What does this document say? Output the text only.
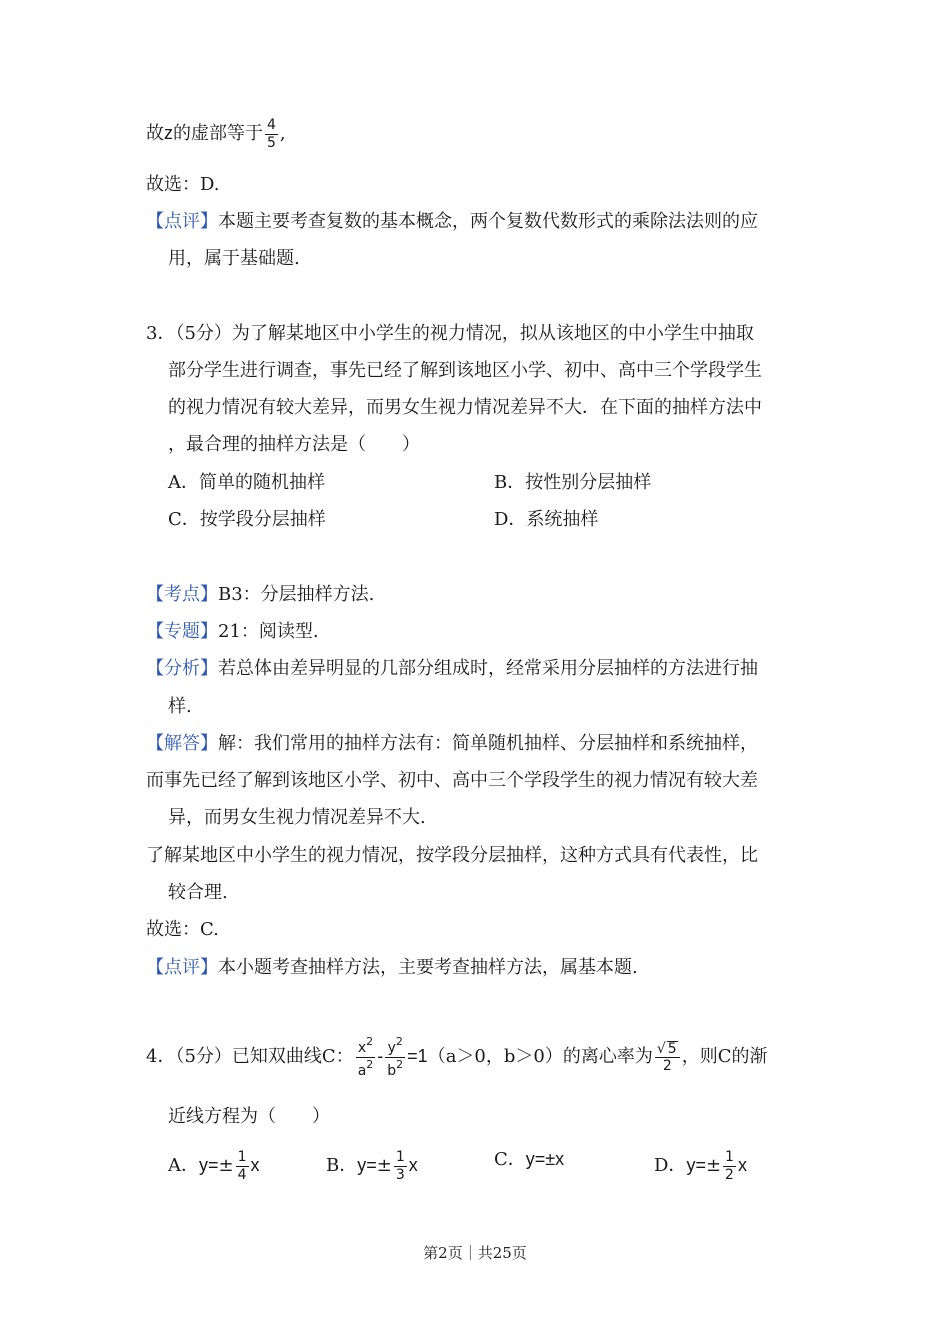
故z的虚部等于 $\frac{4}{5}$ ,
故选：D.
【点评】本题主要考查复数的基本概念，两个复数代数形式的乘除法法则的应
用，属于基础题.
3．（5分）为了解某地区中小学生的视力情况，拟从该地区的中小学生中抽取
部分学生进行调查，事先已经了解到该地区小学、初中、高中三个学段学生
的视力情况有较大差异，而男女生视力情况差异不大．在下面的抽样方法中
，最合理的抽样方法是（　　）
A．简单的随机抽样	B．按性别分层抽样
C．按学段分层抽样	D．系统抽样
【考点】B3：分层抽样方法.
【专题】21：阅读型.
【分析】若总体由差异明显的几部分组成时，经常采用分层抽样的方法进行抽
样.
【解答】解：我们常用的抽样方法有：简单随机抽样、分层抽样和系统抽样，
而事先已经了解到该地区小学、初中、高中三个学段学生的视力情况有较大差
异，而男女生视力情况差异不大.
了解某地区中小学生的视力情况，按学段分层抽样，这种方式具有代表性，比
较合理.
故选：C.
【点评】本小题考查抽样方法，主要考查抽样方法，属基本题.
4．（5分）已知双曲线C： $\frac{x^2}{a^2} - \frac{y^2}{b^2} =1(a>0$，b＞0）的离心率为 $\frac{√ 5}{2}$ ，则C的渐
近线方程为（　　）
A．$y=\pm \frac{1}{4}$ x	B．$y=\pm \frac{1}{3}$ x	C．y=±x	D．$y=\pm \frac{1}{2}$ x
第2页｜共25页
